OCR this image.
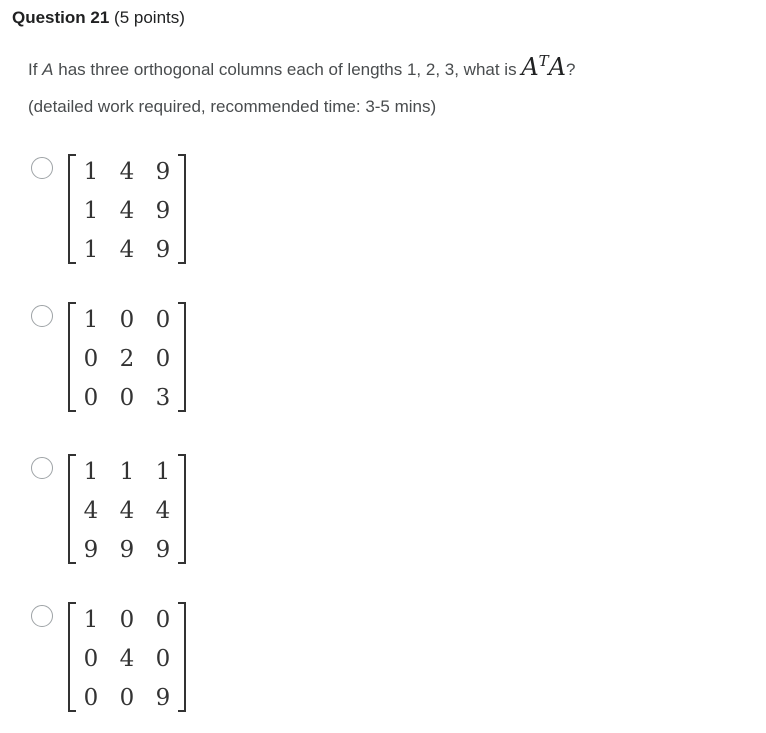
Question 21 (5 points)
If A has three orthogonal columns each of lengths 1, 2, 3, what is $A^TA$?
(detailed work required, recommended time: 3-5 mins)
1 4 9
1 4 9
1 4 9
1 0 0
0 2 0
0 0 3
1 1 1
4 4 4
9 9 9
1 0 0
0 4 0
0 0 9
